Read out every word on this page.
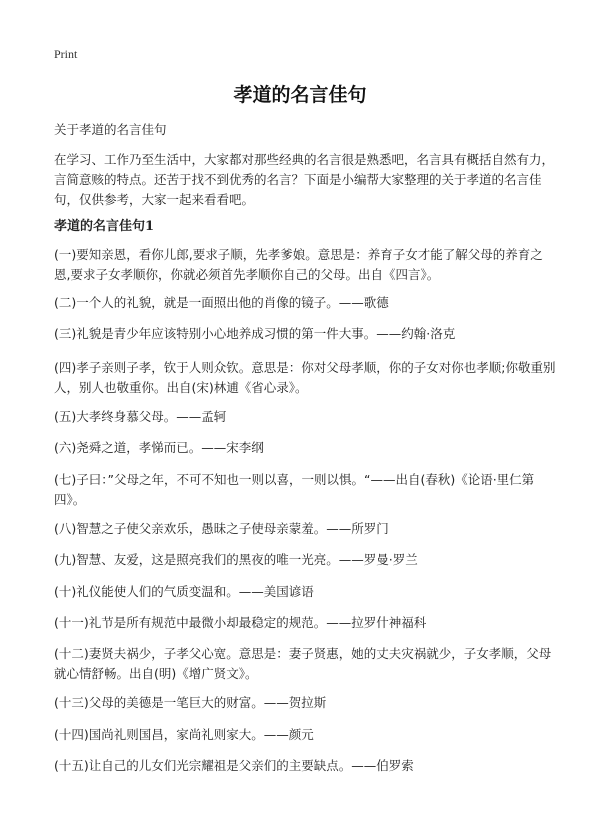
Print
孝道的名言佳句
关于孝道的名言佳句
在学习、工作乃至生活中，大家都对那些经典的名言很是熟悉吧，名言具有概括自然有力，言简意赅的特点。还苦于找不到优秀的名言？下面是小编帮大家整理的关于孝道的名言佳句，仅供参考，大家一起来看看吧。
孝道的名言佳句1
(一)要知亲恩，看你儿郎,要求子顺，先孝爹娘。意思是：养育子女才能了解父母的养育之恩,要求子女孝顺你，你就必须首先孝顺你自己的父母。出自《四言》。
(二)一个人的礼貌，就是一面照出他的肖像的镜子。——歌德
(三)礼貌是青少年应该特别小心地养成习惯的第一件大事。——约翰·洛克
(四)孝子亲则子孝，钦于人则众钦。意思是：你对父母孝顺，你的子女对你也孝顺;你敬重别人，别人也敬重你。出自(宋)林逋《省心录》。
(五)大孝终身慕父母。——孟轲
(六)尧舜之道，孝悌而已。——宋李纲
(七)子曰：”父母之年，不可不知也一则以喜，一则以惧。“——出自(春秋)《论语·里仁第四》。
(八)智慧之子使父亲欢乐，愚昧之子使母亲蒙羞。——所罗门
(九)智慧、友爱，这是照亮我们的黑夜的唯一光亮。——罗曼·罗兰
(十)礼仪能使人们的气质变温和。——美国谚语
(十一)礼节是所有规范中最微小却最稳定的规范。——拉罗什神福科
(十二)妻贤夫祸少，子孝父心宽。意思是：妻子贤惠，她的丈夫灾祸就少，子女孝顺，父母就心情舒畅。出自(明)《增广贤文》。
(十三)父母的美德是一笔巨大的财富。——贺拉斯
(十四)国尚礼则国昌，家尚礼则家大。——颜元
(十五)让自己的儿女们光宗耀祖是父亲们的主要缺点。——伯罗索
